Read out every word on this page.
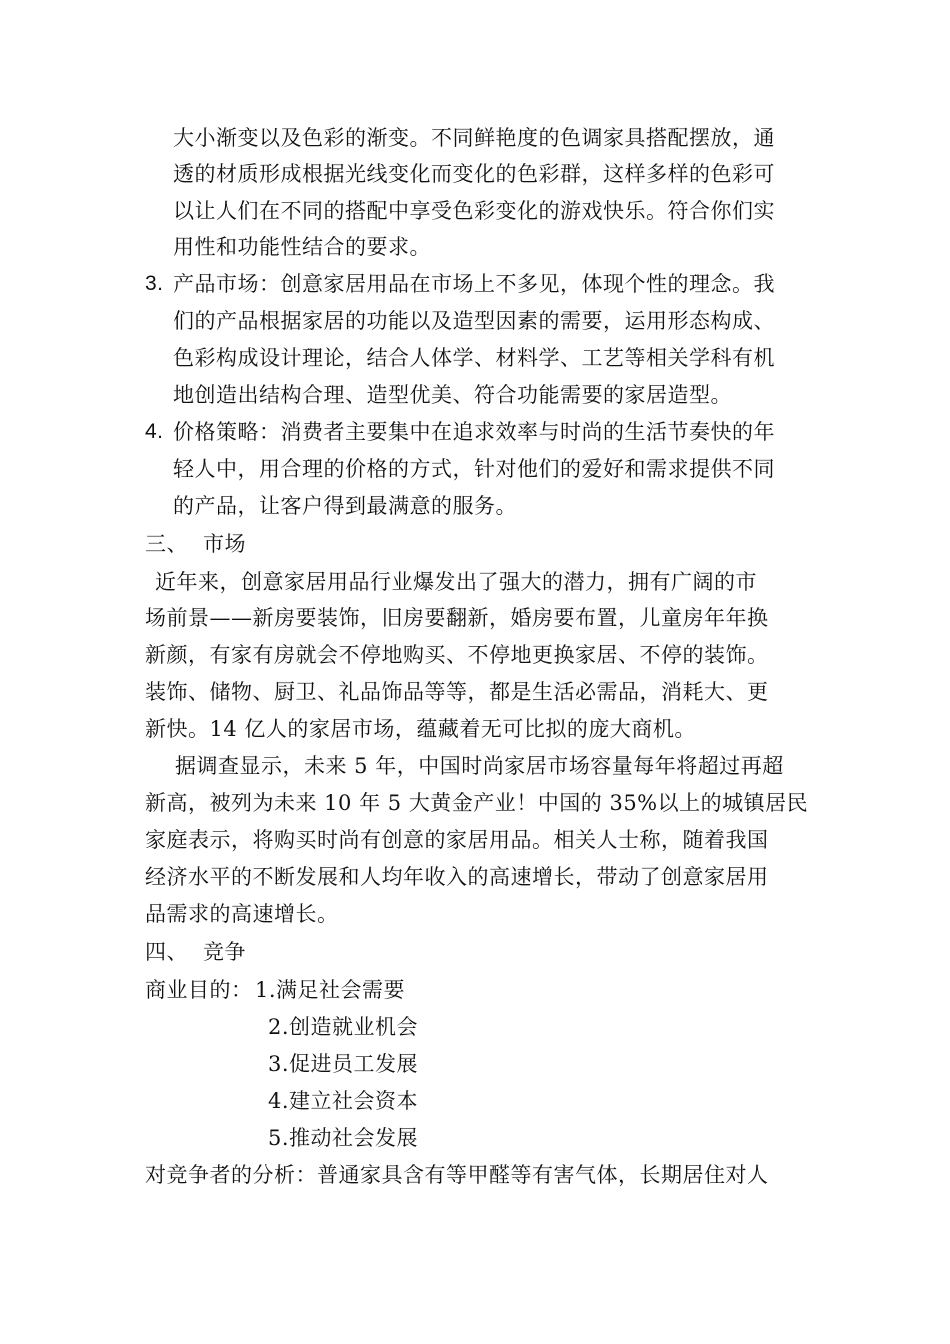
大小渐变以及色彩的渐变。不同鲜艳度的色调家具搭配摆放，通
透的材质形成根据光线变化而变化的色彩群，这样多样的色彩可
以让人们在不同的搭配中享受色彩变化的游戏快乐。符合你们实
用性和功能性结合的要求。
3. 产品市场：创意家居用品在市场上不多见，体现个性的理念。我
们的产品根据家居的功能以及造型因素的需要，运用形态构成、
色彩构成设计理论，结合人体学、材料学、工艺等相关学科有机
地创造出结构合理、造型优美、符合功能需要的家居造型。
4. 价格策略：消费者主要集中在追求效率与时尚的生活节奏快的年
轻人中，用合理的价格的方式，针对他们的爱好和需求提供不同
的产品，让客户得到最满意的服务。
三、 市场
近年来，创意家居用品行业爆发出了强大的潜力，拥有广阔的市
场前景——新房要装饰，旧房要翻新，婚房要布置，儿童房年年换
新颜，有家有房就会不停地购买、不停地更换家居、不停的装饰。
装饰、储物、厨卫、礼品饰品等等，都是生活必需品，消耗大、更
新快。14 亿人的家居市场，蕴藏着无可比拟的庞大商机。
据调查显示，未来 5 年，中国时尚家居市场容量每年将超过再超
新高，被列为未来 10 年 5 大黄金产业！中国的 35%以上的城镇居民
家庭表示，将购买时尚有创意的家居用品。相关人士称，随着我国
经济水平的不断发展和人均年收入的高速增长，带动了创意家居用
品需求的高速增长。
四、 竞争
商业目的： 1.满足社会需要
2.创造就业机会
3.促进员工发展
4.建立社会资本
5.推动社会发展
对竞争者的分析：普通家具含有等甲醛等有害气体，长期居住对人
